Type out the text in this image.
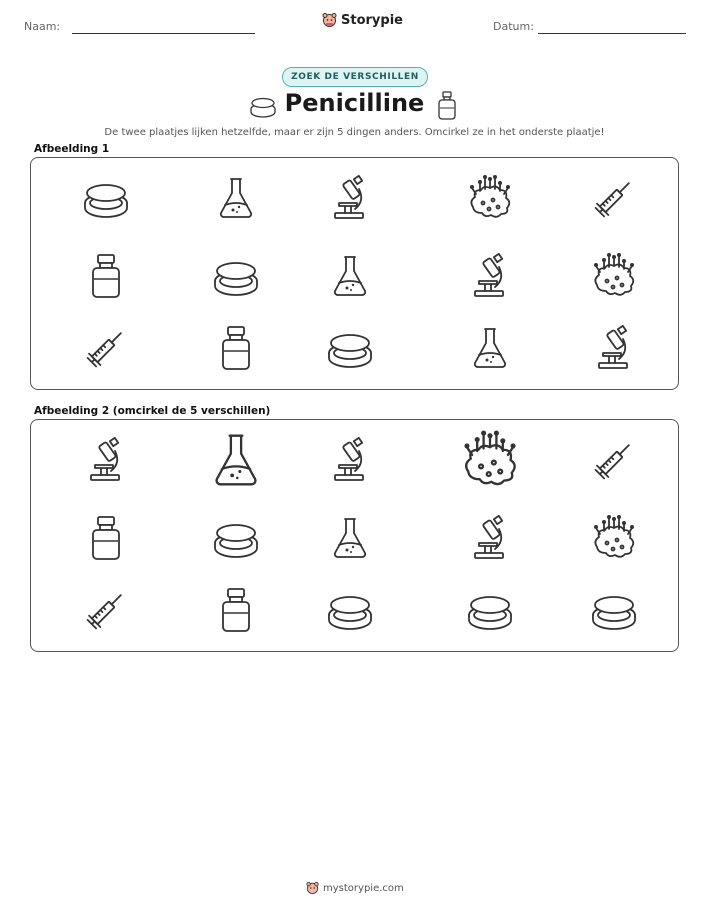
Naam:	Storypie	Datum:
ZOEK DE VERSCHILLEN
Penicilline
De twee plaatjes lijken hetzelfde, maar er zijn 5 dingen anders. Omcirkel ze in het onderste plaatje!
Afbeelding 1
Afbeelding 2 (omcirkel de 5 verschillen)
mystorypie.com
